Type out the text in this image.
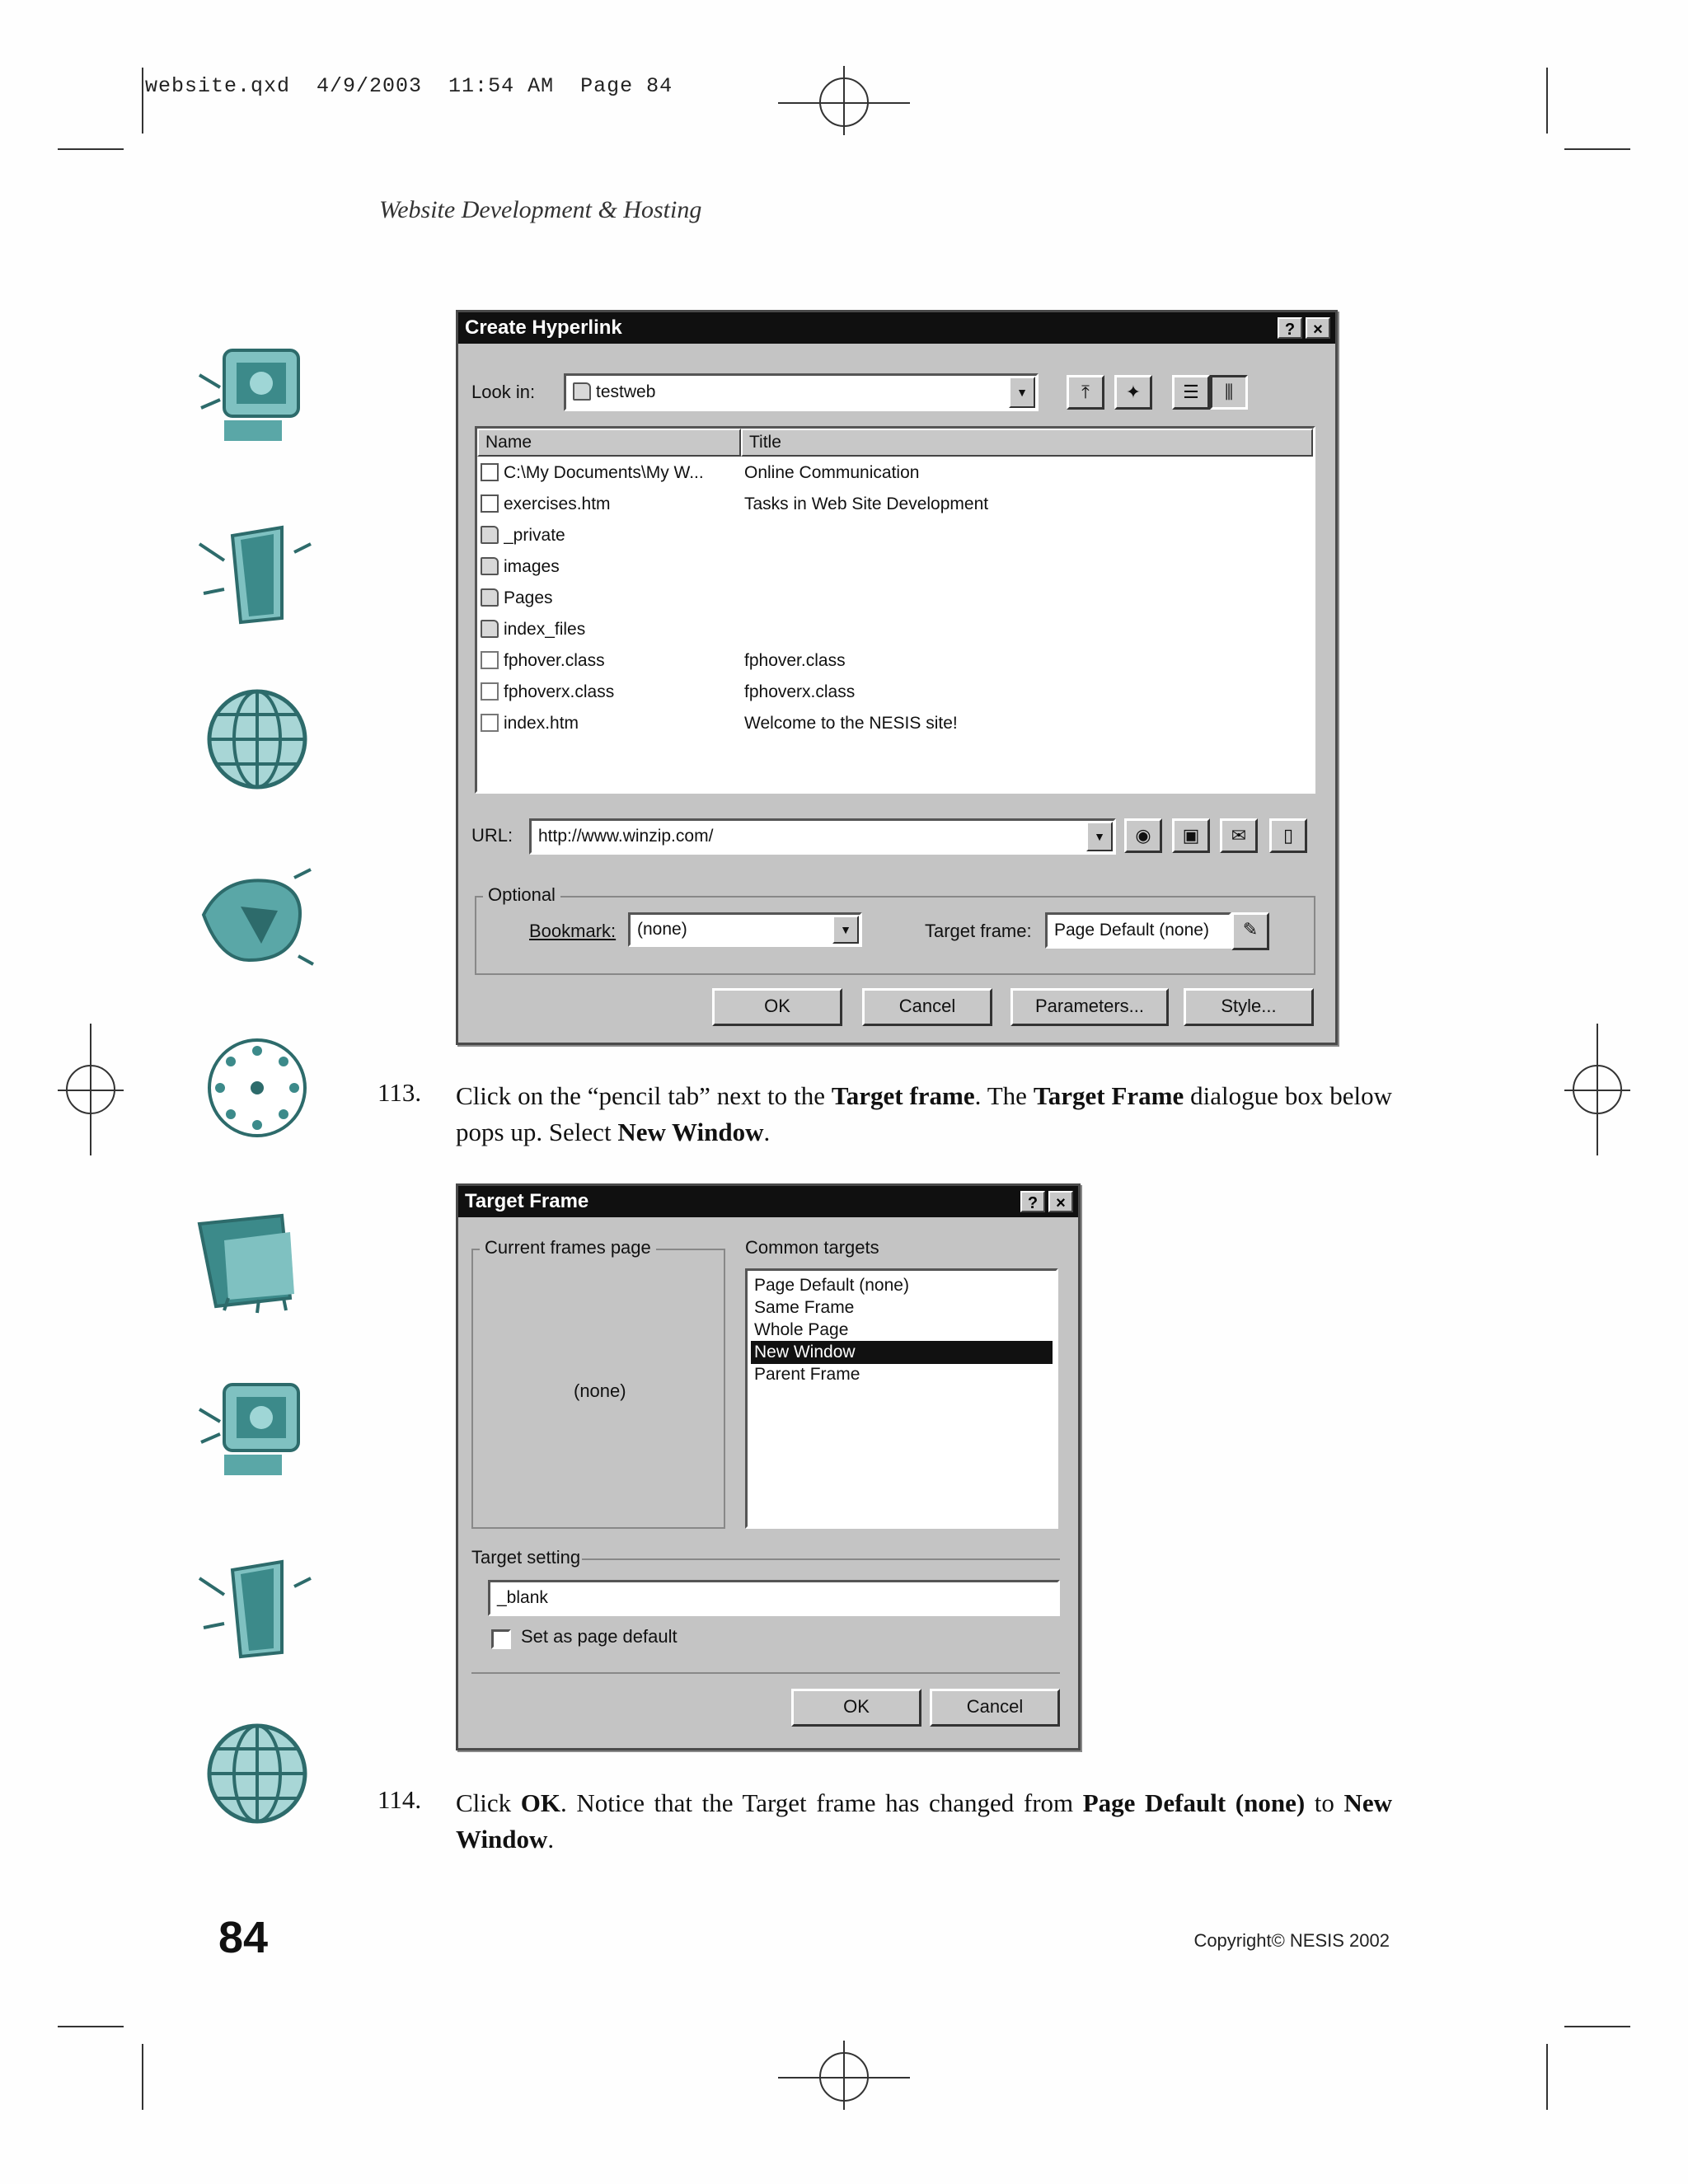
website.qxd  4/9/2003  11:54 AM  Page 84
Website Development & Hosting
Create Hyperlink	?	×
Look in:	testweb	▼	⤒	✦	☰	⫼
Name	Title
C:\My Documents\My W... Online Communication
exercises.htm	Tasks in Web Site Development
_private
images
Pages
index_files
fphover.class	fphover.class
fphoverx.class	fphoverx.class
index.htm	Welcome to the NESIS site!
URL:	http://www.winzip.com/	▼	◉	▣	✉	▯
Optional
Bookmark:	(none)	▼	Target frame:	Page Default (none)	✎
OK	Cancel	Parameters...	Style...
113. Click on the “pencil tab” next to the Target frame. The Target Frame dialogue box below pops up. Select New Window.
Target Frame	?	×
Current frames page
(none)
Common targets
Page Default (none)
Same Frame
Whole Page
New Window
Parent Frame
Target setting
_blank
Set as page default
OK	Cancel
114. Click OK. Notice that the Target frame has changed from Page Default (none) to New Window.
84	Copyright© NESIS 2002
